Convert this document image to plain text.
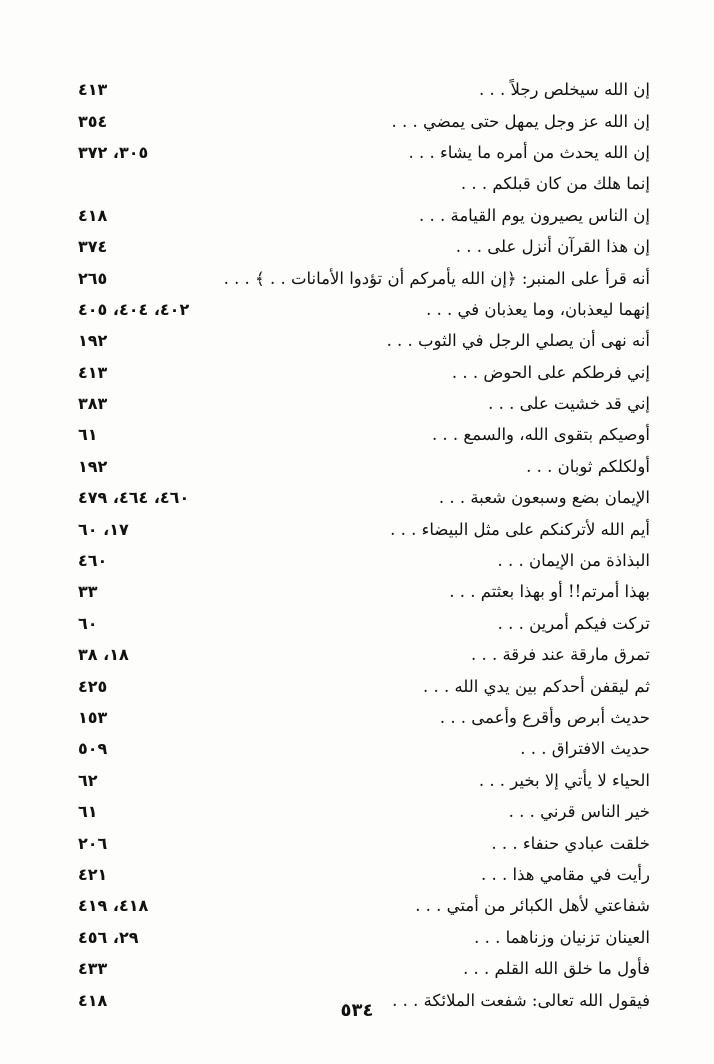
٤١٣	إن الله سيخلص رجلاً . . .
٣٥٤	إن الله عز وجل يمهل حتى يمضي . . .
٣٠٥، ٣٧٢	إن الله يحدث من أمره ما يشاء . . .
إنما هلك من كان قبلكم . . .
٤١٨	إن الناس يصيرون يوم القيامة . . .
٣٧٤	إن هذا القرآن أنزل على . . .
٢٦٥	أنه قرأ على المنبر: ﴿إن الله يأمركم أن تؤدوا الأمانات . . ﴾ . . .
٤٠٢، ٤٠٤، ٤٠٥	إنهما ليعذبان، وما يعذبان في . . .
١٩٢	أنه نهى أن يصلي الرجل في الثوب . . .
٤١٣	إني فرطكم على الحوض . . .
٣٨٣	إني قد خشيت على . . .
٦١	أوصيكم بتقوى الله، والسمع . . .
١٩٢	أولكلكم ثوبان . . .
٤٦٠، ٤٦٤، ٤٧٩	الإيمان بضع وسبعون شعبة . . .
١٧، ٦٠	أيم الله لأتركنكم على مثل البيضاء . . .
٤٦٠	البذاذة من الإيمان . . .
٣٣	بهذا أمرتم!! أو بهذا بعثتم . . .
٦٠	تركت فيكم أمرين . . .
١٨، ٣٨	تمرق مارقة عند فرقة . . .
٤٢٥	ثم ليقفن أحدكم بين يدي الله . . .
١٥٣	حديث أبرص وأقرع وأعمى . . .
٥٠٩	حديث الافتراق . . .
٦٢	الحياء لا يأتي إلا بخير . . .
٦١	خير الناس قرني . . .
٢٠٦	خلقت عبادي حنفاء . . .
٤٢١	رأيت في مقامي هذا . . .
٤١٨، ٤١٩	شفاعتي لأهل الكبائر من أمتي . . .
٢٩، ٤٥٦	العينان تزنيان وزناهما . . .
٤٣٣	فأول ما خلق الله القلم . . .
٤١٨	فيقول الله تعالى: شفعت الملائكة . . .
٥٣٤
